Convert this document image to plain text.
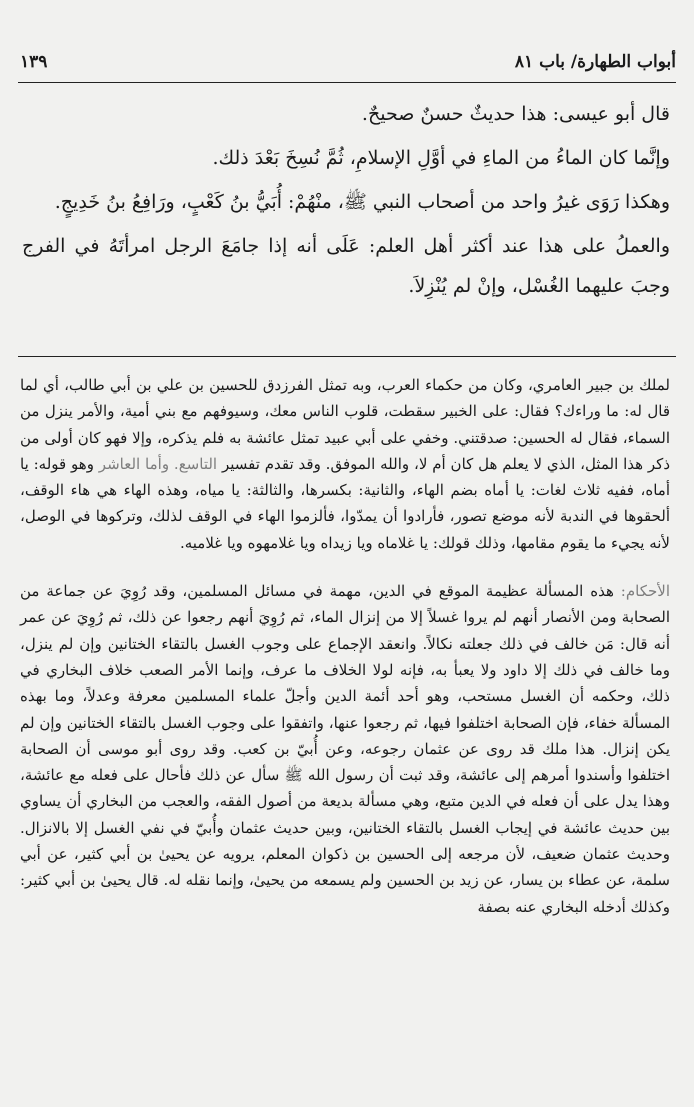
أبواب الطهارة/ باب ٨١
١٣٩

قال أبو عيسى: هذا حديثٌ حسنٌ صحيحٌ.

وإنَّما كان الماءُ من الماءِ في أوَّلِ الإسلامِ، ثُمَّ نُسِخَ بَعْدَ ذلك.

وهكذا رَوَى غيرُ واحد من أصحاب النبي ﷺ، منْهُمْ: أُبَيُّ بنُ كَعْبٍ، ورَافِعُ بنُ خَدِيجٍ.

والعملُ على هذا عند أكثر أهل العلم: عَلَى أنه إذا جامَعَ الرجل امرأتَهُ في الفرج وجبَ عليهما الغُسْل، وإنْ لم يُنْزِلاَ.

لملك بن جبير العامري، وكان من حكماء العرب، وبه تمثل الفرزدق للحسين بن علي بن أبي طالب، أي لما قال له: ما وراءك؟ فقال: على الخبير سقطت، قلوب الناس معك، وسيوفهم مع بني أمية، والأمر ينزل من السماء، فقال له الحسين: صدقتني. وخفي على أبي عبيد تمثل عائشة به فلم يذكره، وإلا فهو كان أولى من ذكر هذا المثل، الذي لا يعلم هل كان أم لا، والله الموفق. وقد تقدم تفسير التاسع. وأما العاشر وهو قوله: يا أماه، ففيه ثلاث لغات: يا أماه بضم الهاء، والثانية: بكسرها، والثالثة: يا مياه، وهذه الهاء هي هاء الوقف، ألحقوها في الندبة لأنه موضع تصور، فأرادوا أن يمدّوا، فألزموا الهاء في الوقف لذلك، وتركوها في الوصل، لأنه يجيء ما يقوم مقامها، وذلك قولك: يا غلاماه ويا زيداه ويا غلامهوه ويا غلاميه.

الأحكام: هذه المسألة عظيمة الموقع في الدين، مهمة في مسائل المسلمين، وقد رُوِيَ عن جماعة من الصحابة ومن الأنصار أنهم لم يروا غسلاً إلا من إنزال الماء، ثم رُوِيَ أنهم رجعوا عن ذلك، ثم رُوِيَ عن عمر أنه قال: مَن خالف في ذلك جعلته نكالاً. وانعقد الإجماع على وجوب الغسل بالتقاء الختانين وإن لم ينزل، وما خالف في ذلك إلا داود ولا يعبأ به، فإنه لولا الخلاف ما عرف، وإنما الأمر الصعب خلاف البخاري في ذلك، وحكمه أن الغسل مستحب، وهو أحد أئمة الدين وأجلّ علماء المسلمين معرفة وعدلاً، وما بهذه المسألة خفاء، فإن الصحابة اختلفوا فيها، ثم رجعوا عنها، واتفقوا على وجوب الغسل بالتقاء الختانين وإن لم يكن إنزال. هذا ملك قد روى عن عثمان رجوعه، وعن أُبيّ بن كعب. وقد روى أبو موسى أن الصحابة اختلفوا وأسندوا أمرهم إلى عائشة، وقد ثبت أن رسول الله ﷺ سأل عن ذلك فأحال على فعله مع عائشة، وهذا يدل على أن فعله في الدين متبع، وهي مسألة بديعة من أصول الفقه، والعجب من البخاري أن يساوي بين حديث عائشة في إيجاب الغسل بالتقاء الختانين، وبين حديث عثمان وأُبيّ في نفي الغسل إلا بالانزال. وحديث عثمان ضعيف، لأن مرجعه إلى الحسين بن ذكوان المعلم، يرويه عن يحيىٰ بن أبي كثير، عن أبي سلمة، عن عطاء بن يسار، عن زيد بن الحسين ولم يسمعه من يحيىٰ، وإنما نقله له. قال يحيىٰ بن أبي كثير: وكذلك أدخله البخاري عنه بصفة
